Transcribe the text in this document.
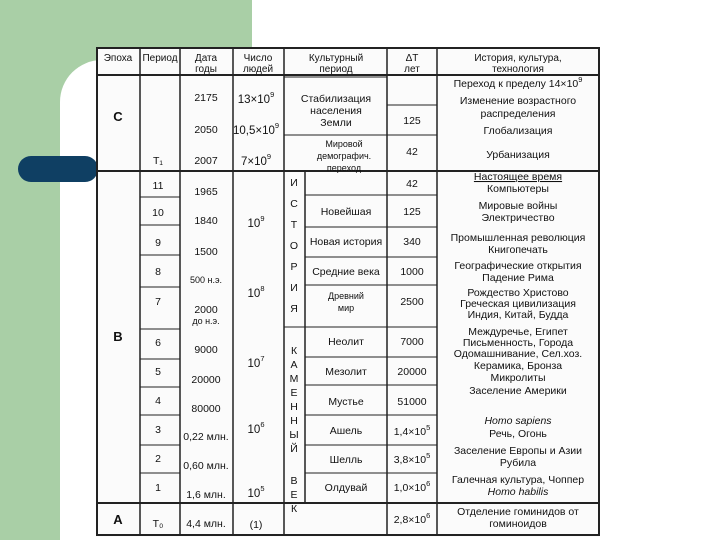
Эпоха Период Дата
годы
Число
людей
Культурный
период
ΔT
лет
История, культура,
технология
C
B
A
T₁
11
10
9
8
7
6
5
4
3
2
1
T₀
2175
2050
2007
1965
1840
1500
500 н.э.
2000
до н.э.
9000
20000
80000
0,22 млн.
0,60 млн.
1,6 млн.
4,4 млн.
$13\times 10^9$
$10,5\times 10^9$
$7\times 10^9$
$10^9$
$10^8$
$10^7$
$10^6$
$10^5$
(1)
И
С
Т
О
Р
И
Я
К
А
М
Е
Н
Н
Ы
Й
В
Е
К
Стабилизация
населения
Земли
Мировой
демографич.
переход
Новейшая
Новая история
Средние века
Древний
мир
Неолит
Мезолит
Мустье
Ашель
Шелль
Олдувай
125
42
42
125
340
1000
2500
7000
20000
51000
$1,4\times 10^5$
$3,8\times 10^5$
$1,0\times 10^6$
$2,8\times 10^6$
Переход к пределу $14\times 10^9$
Изменение возрастного
распределения
Глобализация
Урбанизация
Настоящее время
Компьютеры
Мировые войны
Электричество
Промышленная революция
Книгопечать
Географические открытия
Падение Рима
Рождество Христово
Греческая цивилизация
Индия, Китай, Будда
Междуречье, Египет
Письменность, Города
Одомашнивание, Сел.хоз.
Керамика, Бронза
Микролиты
Заселение Америки
Homo sapiens
Речь, Огонь
Заселение Европы и Азии
Рубила
Галечная культура, Чоппер
Homo habilis
Отделение гоминидов от
гоминоидов
